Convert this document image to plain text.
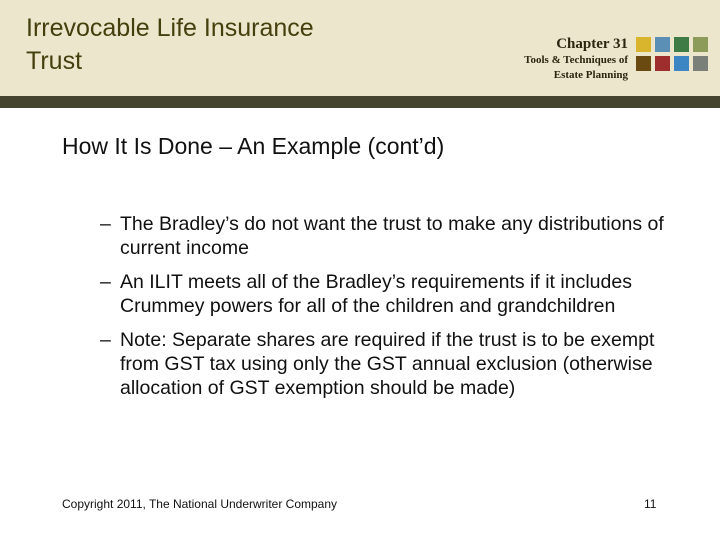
Irrevocable Life Insurance Trust
Chapter 31
Tools & Techniques of
Estate Planning
How It Is Done – An Example (cont’d)
– The Bradley’s do not want the trust to make any distributions of current income
– An ILIT meets all of the Bradley’s requirements if it includes Crummey powers for all of the children and grandchildren
– Note: Separate shares are required if the trust is to be exempt from GST tax using only the GST annual exclusion (otherwise allocation of GST exemption should be made)
Copyright 2011, The National Underwriter Company	11
